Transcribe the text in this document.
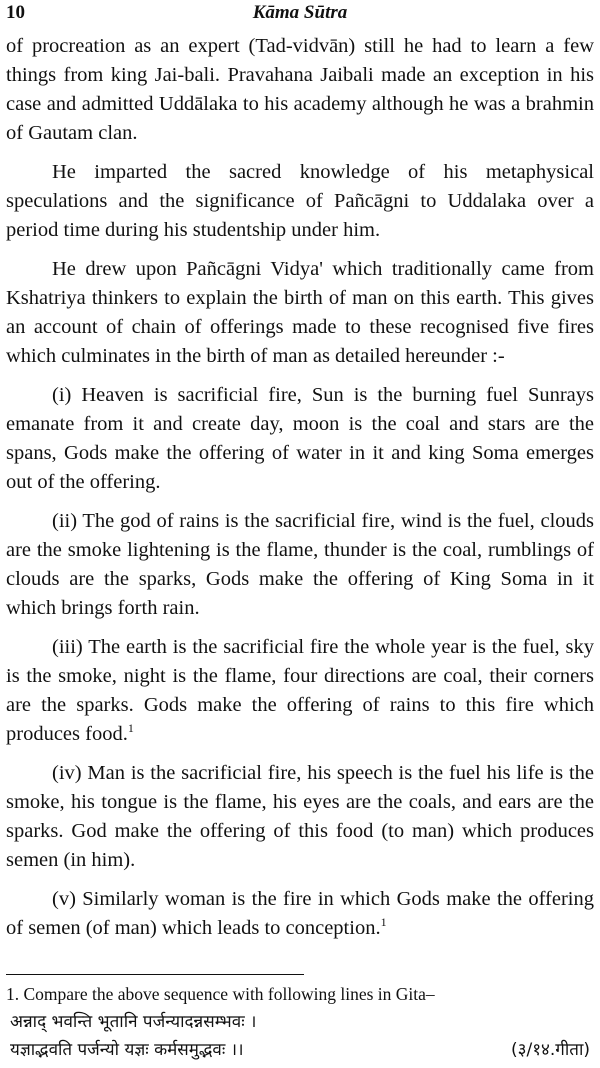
10	Kāma Sūtra

of procreation as an expert (Tad-vidvān) still he had to learn a few things from king Jai-bali. Pravahana Jaibali made an exception in his case and admitted Uddālaka to his academy although he was a brahmin of Gautam clan.

He imparted the sacred knowledge of his metaphysical speculations and the significance of Pañcāgni to Uddalaka over a period time during his studentship under him.

He drew upon Pañcāgni Vidya' which traditionally came from Kshatriya thinkers to explain the birth of man on this earth. This gives an account of chain of offerings made to these recognised five fires which culminates in the birth of man as detailed hereunder :-

(i) Heaven is sacrificial fire, Sun is the burning fuel Sunrays emanate from it and create day, moon is the coal and stars are the spans, Gods make the offering of water in it and king Soma emerges out of the offering.

(ii) The god of rains is the sacrificial fire, wind is the fuel, clouds are the smoke lightening is the flame, thunder is the coal, rumblings of clouds are the sparks, Gods make the offering of King Soma in it which brings forth rain.

(iii) The earth is the sacrificial fire the whole year is the fuel, sky is the smoke, night is the flame, four directions are coal, their corners are the sparks. Gods make the offering of rains to this fire which produces food.$^1$

(iv) Man is the sacrificial fire, his speech is the fuel his life is the smoke, his tongue is the flame, his eyes are the coals, and ears are the sparks. God make the offering of this food (to man) which produces semen (in him).

(v) Similarly woman is the fire in which Gods make the offering of semen (of man) which leads to conception.$^1$

1. Compare the above sequence with following lines in Gita–

अन्नाद् भवन्ति भूतानि पर्जन्यादन्नसम्भवः ।

यज्ञाद्भवति पर्जन्यो यज्ञः कर्मसमुद्भवः ।।	(३/१४.गीता)
